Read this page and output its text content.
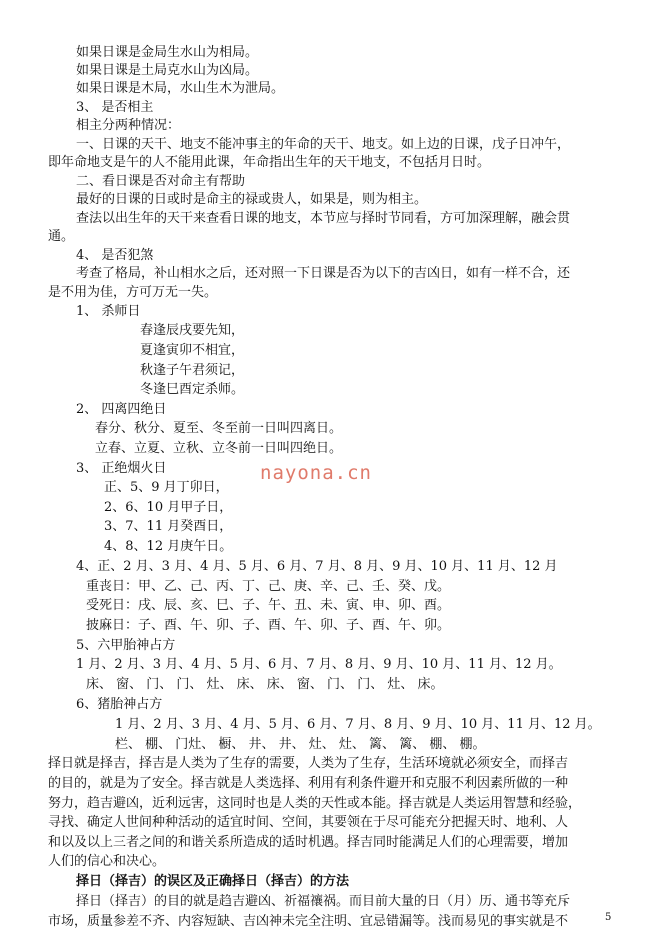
如果日课是金局生水山为相局。
如果日课是土局克水山为凶局。
如果日课是木局，水山生木为泄局。
3、 是否相主
相主分两种情况：
一、日课的天干、地支不能冲事主的年命的天干、地支。如上边的日课，戊子日冲午，
即年命地支是午的人不能用此课，年命指出生年的天干地支，不包括月日时。
二、看日课是否对命主有帮助
最好的日课的日或时是命主的禄或贵人，如果是，则为相主。
查法以出生年的天干来查看日课的地支，本节应与择时节同看，方可加深理解，融会贯
通。
4、 是否犯煞
考查了格局，补山相水之后，还对照一下日课是否为以下的吉凶日，如有一样不合，还
是不用为佳，方可万无一失。
1、 杀师日
春逢辰戌要先知，
夏逢寅卯不相宜，
秋逢子午君须记，
冬逢巳酉定杀师。
2、 四离四绝日
春分、秋分、夏至、冬至前一日叫四离日。
立春、立夏、立秋、立冬前一日叫四绝日。
3、 正绝烟火日
正、5、9 月丁卯日，
2、6、10 月甲子日，
3、7、11 月癸酉日，
4、8、12 月庚午日。
4、正、2 月、3 月、4 月、5 月、6 月、7 月、8 月、9 月、10 月、11 月、12 月
重丧日：甲、乙、己、丙、丁、己、庚、辛、己、壬、癸、戊。
受死日：戌、辰、亥、巳、子、午、丑、未、寅、申、卯、酉。
披麻日：子、酉、午、卯、子、酉、午、卯、子、酉、午、卯。
5、六甲胎神占方
1 月、2 月、3 月、4 月、5 月、6 月、7 月、8 月、9 月、10 月、11 月、12 月。
床、 窗、 门、 门、 灶、 床、 床、 窗、 门、 门、 灶、 床。
6、猪胎神占方
1 月、2 月、3 月、4 月、5 月、6 月、7 月、8 月、9 月、10 月、11 月、12 月。
栏、 棚、 门灶、 橱、 井、 井、 灶、 灶、 篱、 篱、 棚、 棚。
择日就是择吉，择吉是人类为了生存的需要，人类为了生存，生活环境就必须安全，而择吉
的目的，就是为了安全。择吉就是人类选择、利用有利条件避开和克服不利因素所做的一种
努力，趋吉避凶，近利远害，这同时也是人类的天性或本能。择吉就是人类运用智慧和经验，
寻找、确定人世间种种活动的适宜时间、空间，其要领在于尽可能充分把握天时、地利、人
和以及以上三者之间的和谐关系所造成的适时机遇。择吉同时能满足人们的心理需要，增加
人们的信心和决心。
择日（择吉）的误区及正确择日（择吉）的方法
择日（择吉）的目的就是趋吉避凶、祈福禳祸。而目前大量的日（月）历、通书等充斥
市场，质量参差不齐、内容短缺、吉凶神未完全注明、宜忌错漏等。浅而易见的事实就是不
nayona.cn
5
